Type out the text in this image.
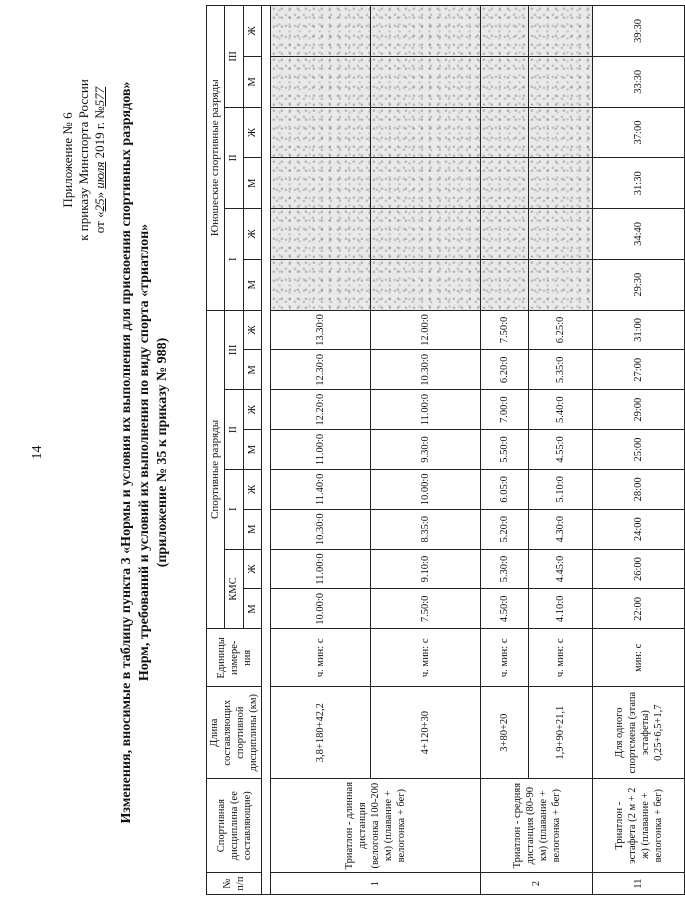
14
Приложение № 6 к приказу Минспорта России от «25» июля 2019 г. №577 Изменения, вносимые в таблицу пункта 3 «Нормы и условия их выполнения для присвоения спортивных разрядов» Норм, требований и условий их выполнения по виду спорта «триатлон» (приложение № 35 к приказу № 988)
№ п/п	Спортивная дисциплина (ее составляющие)	Длина составляющих спортивной дисциплины (км)	Единицы измере- ния	Спортивные разряды								Юношеские спортивные разряды					
				КМС		I		II		III		I		II		III	
				М	Ж	М	Ж	М	Ж	М	Ж	М	Ж	М	Ж	М	Ж

1	Триатлон - длинная дистанция (велогонка 100-200 км) (плавание + велогонка + бег)	3,8+180+42,2	ч. мин: с	10.00:0	11.00:0	10.30:0	11.40:0	11.00:0	12.20:0	12.30:0	13.30:0						
		4+120+30	ч. мин: с	7.50:0	9.10:0	8.35:0	10.00:0	9.30:0	11.00:0	10.30:0	12.00:0						
2	Триатлон - средняя дистанция (80-90 км) (плавание + велогонка + бег)	3+80+20	ч. мин: с	4.50:0	5.30:0	5.20:0	6.05:0	5.50:0	7.00:0	6.20:0	7.50:0						
		1,9+90+21,1	ч. мин: с	4.10:0	4.45:0	4.30:0	5.10:0	4.55:0	5.40:0	5.35:0	6.25:0						
11	Триатлон - эстафета (2 м + 2 ж) (плавание + велогонка + бег)	Для одного спортсмена (этапа эстафеты) 0,25+6,5+1,7	мин: с	22:00	26:00	24:00	28:00	25:00	29:00	27:00	31:00	29:30	34:40	31:30	37:00	33:30	39:30
